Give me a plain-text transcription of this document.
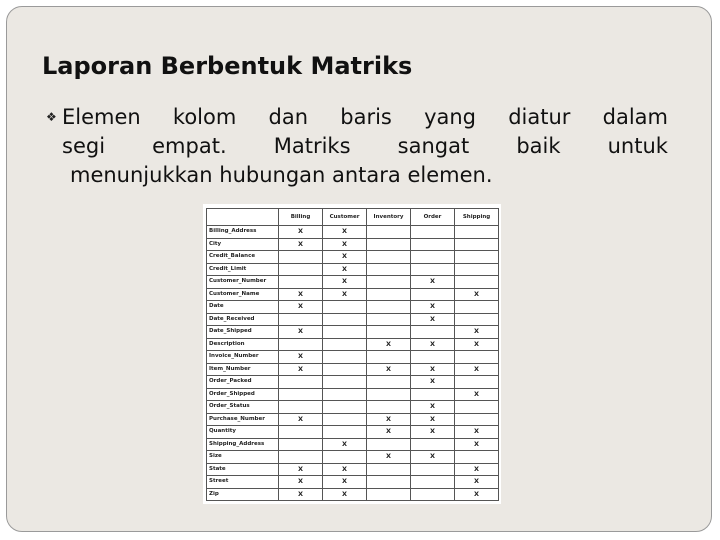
Laporan Berbentuk Matriks
❖ Elemen kolom dan baris yang diatur dalam
segi empat. Matriks sangat baik untuk
menunjukkan hubungan antara elemen.
	Billing	Customer	Inventory	Order	Shipping
Billing_Address	X	X			
City	X	X			
Credit_Balance		X			
Credit_Limit		X			
Customer_Number		X		X	
Customer_Name	X	X			X
Date	X			X	
Date_Received				X	
Date_Shipped	X				X
Description			X	X	X
Invoice_Number	X				
Item_Number	X		X	X	X
Order_Packed				X	
Order_Shipped					X
Order_Status				X	
Purchase_Number	X		X	X	
Quantity			X	X	X
Shipping_Address		X			X
Size			X	X	
State	X	X			X
Street	X	X			X
Zip	X	X			X
